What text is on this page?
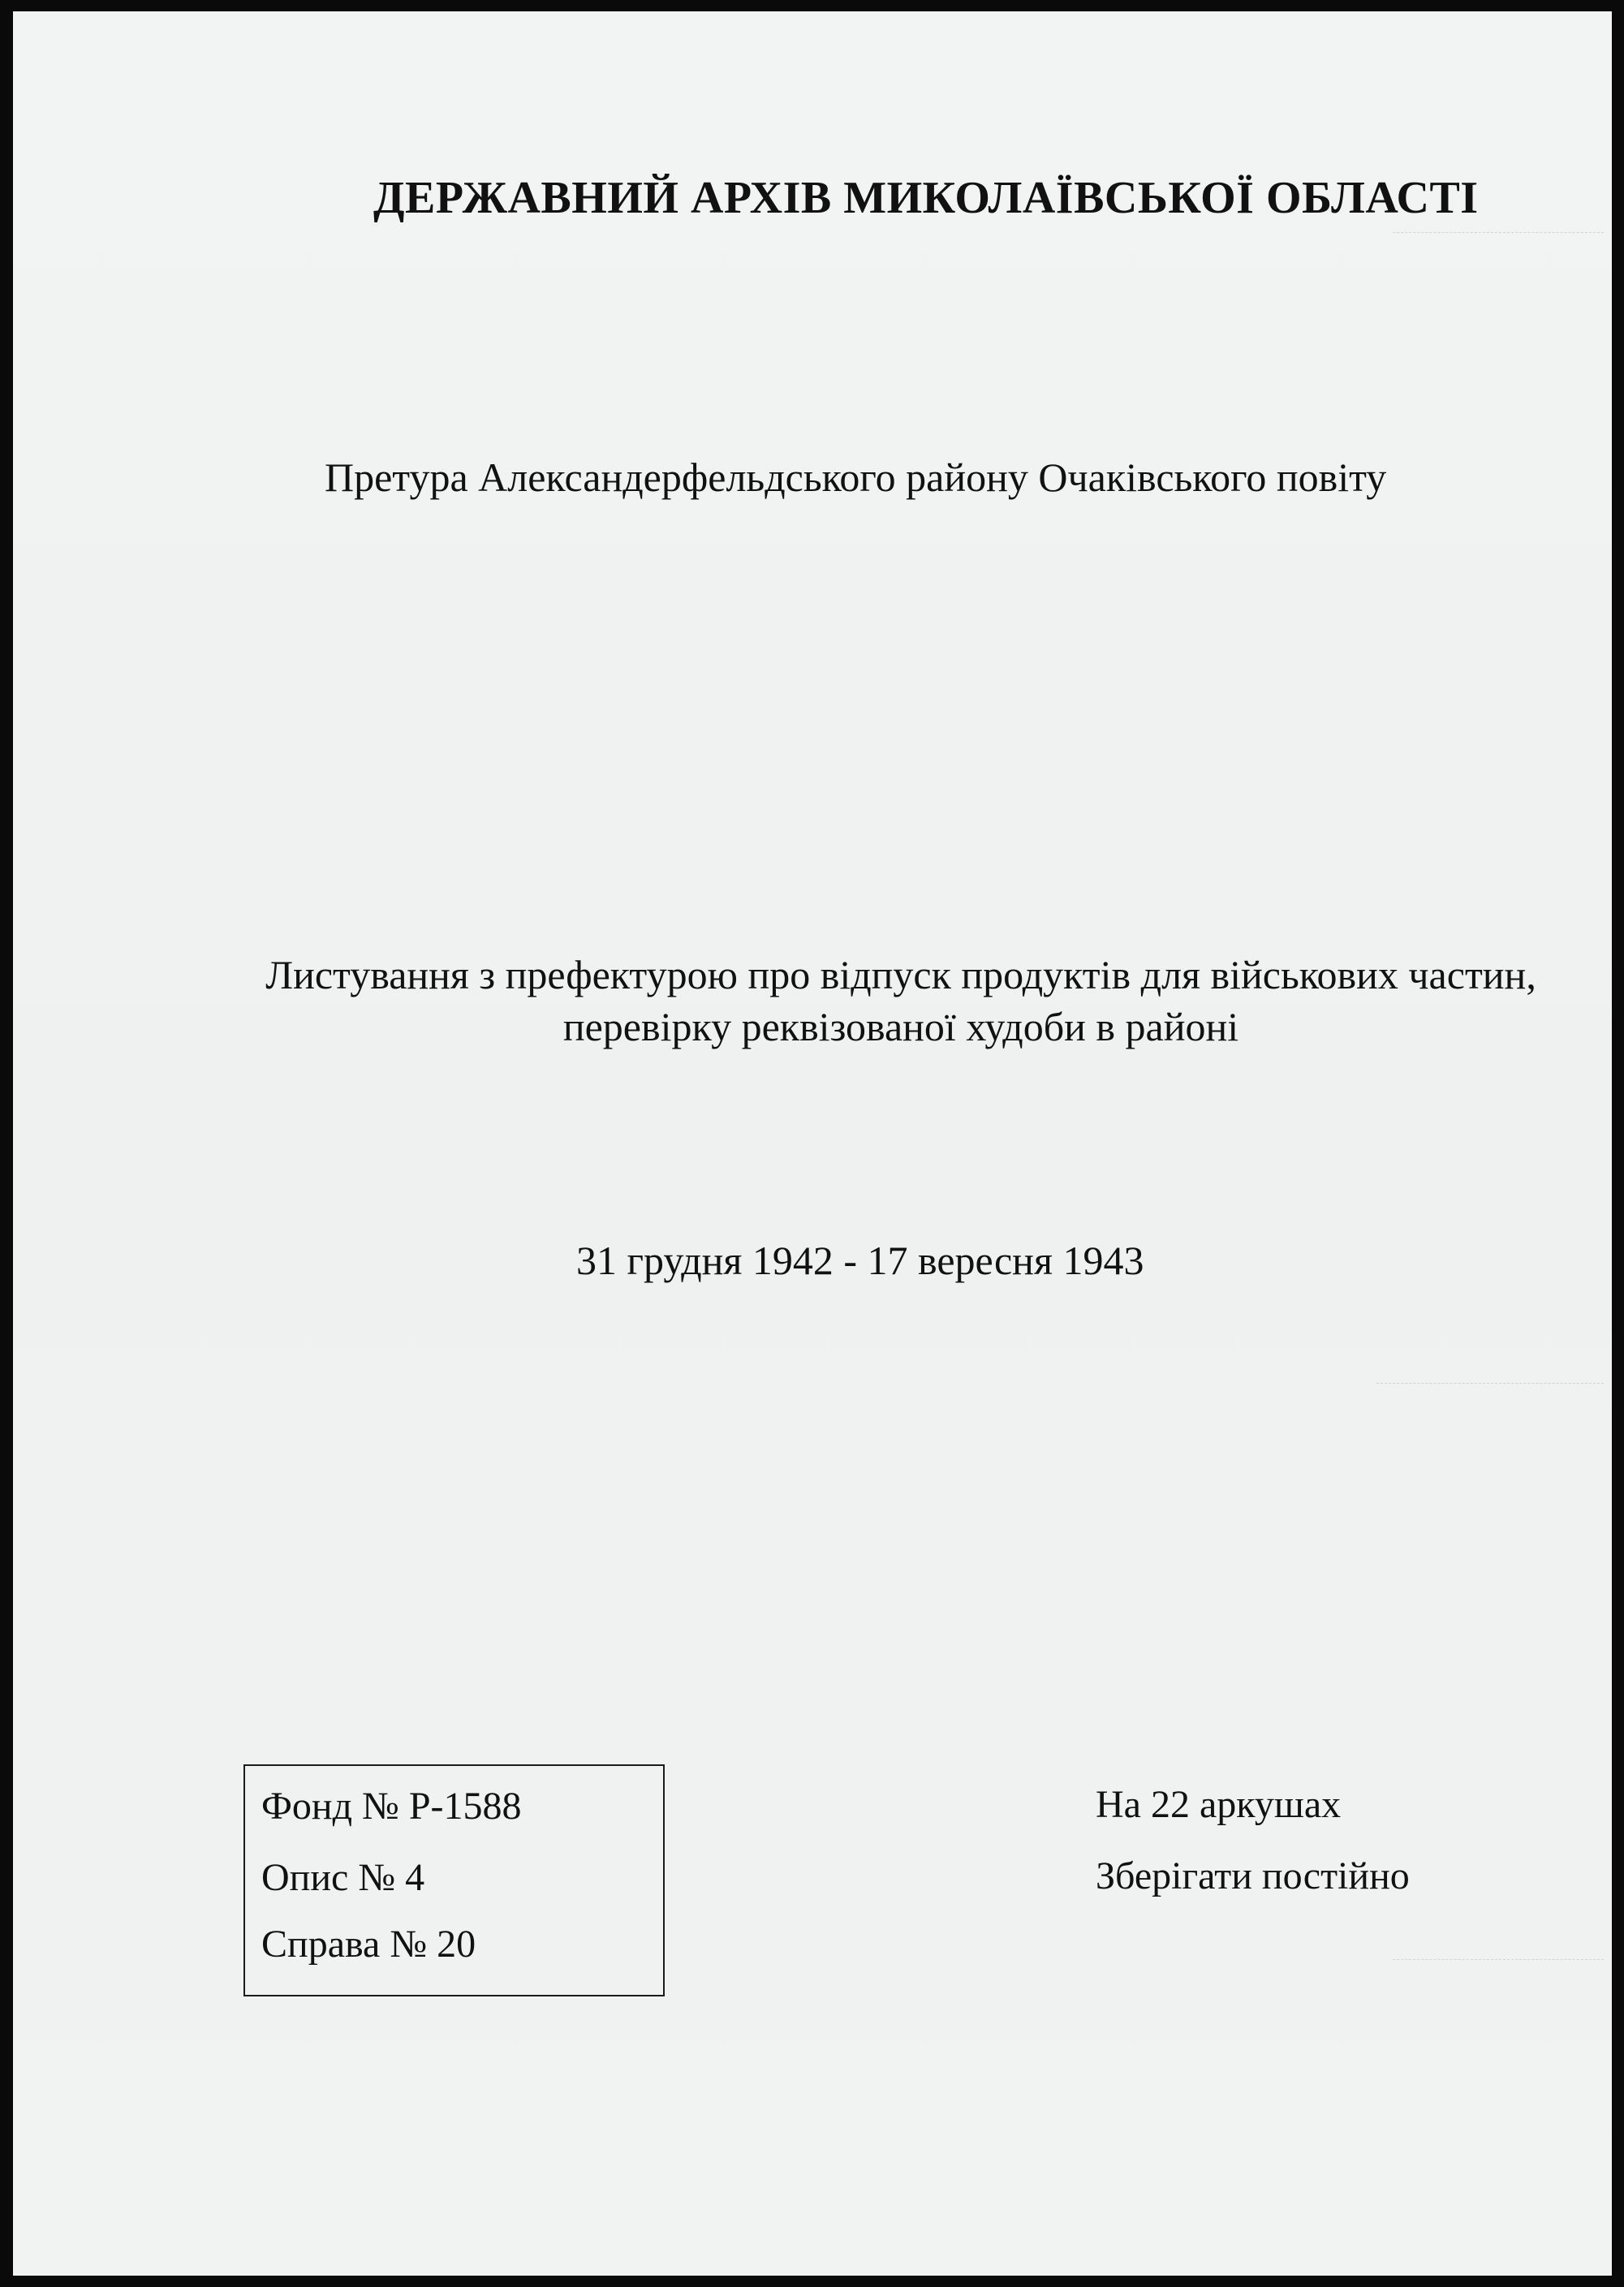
ДЕРЖАВНИЙ АРХІВ МИКОЛАЇВСЬКОЇ ОБЛАСТІ
Претура Александерфельдського району Очаківського повіту
Листування з префектурою про відпуск продуктів для військових частин, перевірку реквізованої худоби в районі
31 грудня 1942 - 17 вересня 1943
Фонд № Р-1588
Опис № 4
Справа № 20
На 22 аркушах
Зберігати постійно
